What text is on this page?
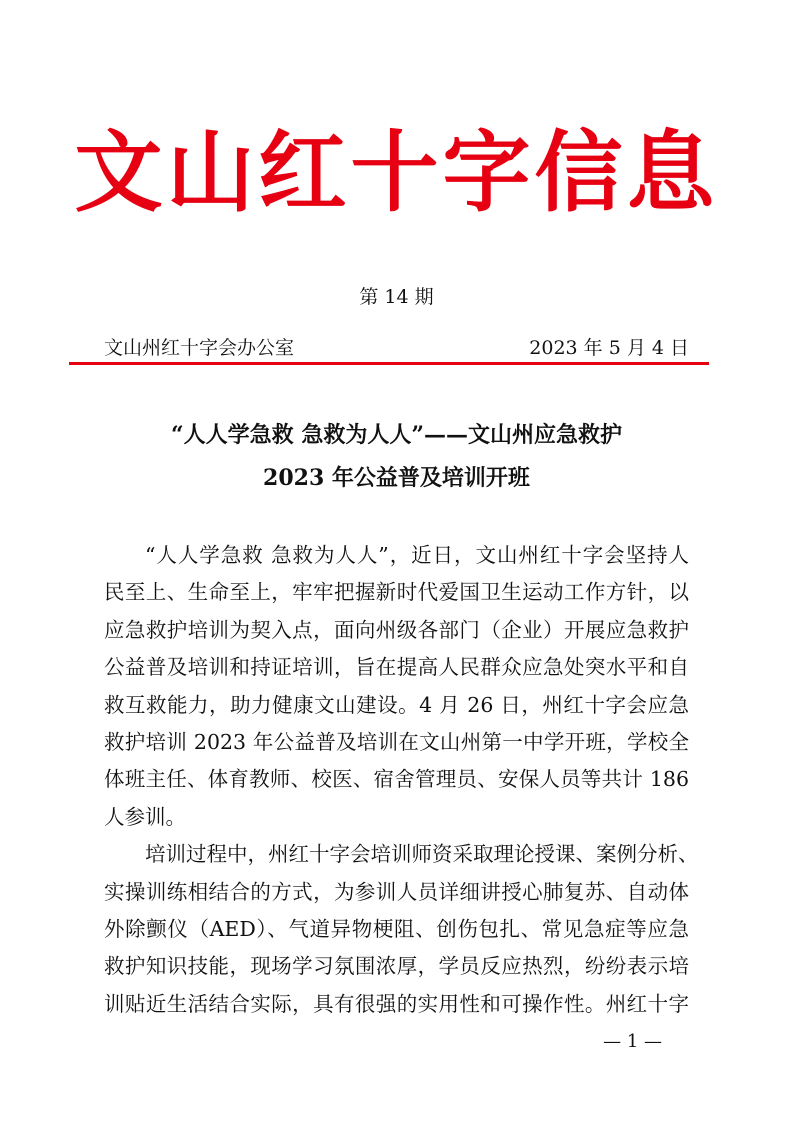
文山红十字信息
第 14 期
文山州红十字会办公室	2023 年 5 月 4 日
“人人学急救 急救为人人”——文山州应急救护
2023 年公益普及培训开班
“人人学急救 急救为人人”，近日，文山州红十字会坚持人
民至上、生命至上，牢牢把握新时代爱国卫生运动工作方针，以
应急救护培训为契入点，面向州级各部门（企业）开展应急救护
公益普及培训和持证培训，旨在提高人民群众应急处突水平和自
救互救能力，助力健康文山建设。4 月 26 日，州红十字会应急
救护培训 2023 年公益普及培训在文山州第一中学开班，学校全
体班主任、体育教师、校医、宿舍管理员、安保人员等共计 186
人参训。
培训过程中，州红十字会培训师资采取理论授课、案例分析、
实操训练相结合的方式，为参训人员详细讲授心肺复苏、自动体
外除颤仪（AED）、气道异物梗阻、创伤包扎、常见急症等应急
救护知识技能，现场学习氛围浓厚，学员反应热烈，纷纷表示培
训贴近生活结合实际，具有很强的实用性和可操作性。州红十字
— 1 —
